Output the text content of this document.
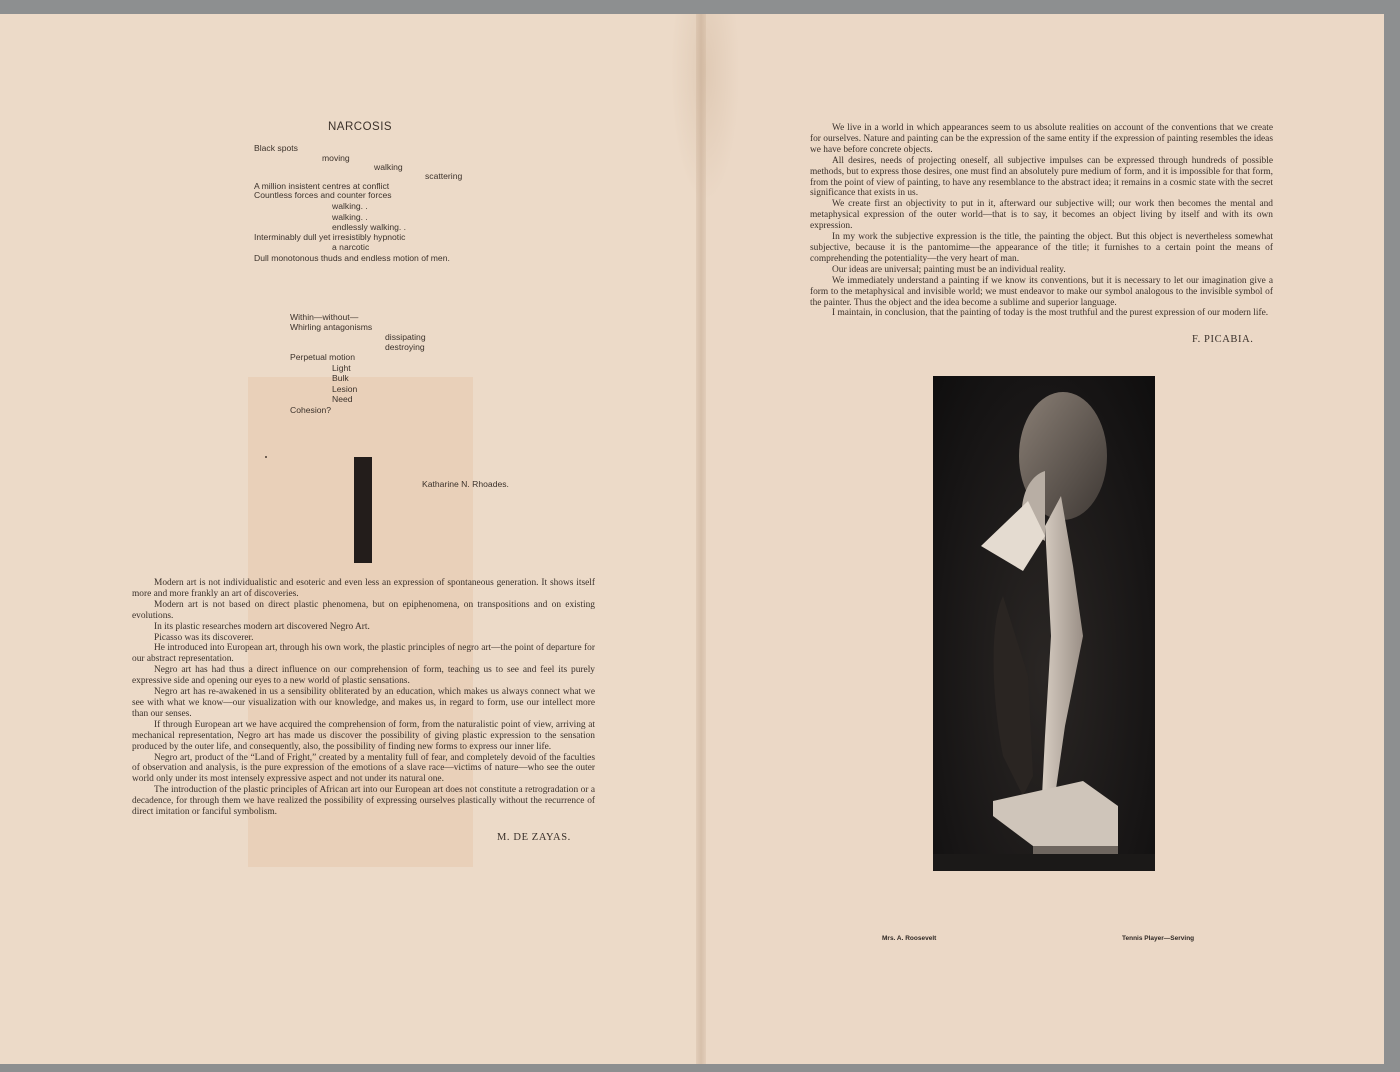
NARCOSIS
Black spots
moving
walking
scattering
A million insistent centres at conflict
Countless forces and counter forces
walking. .
walking. .
endlessly walking. .
Interminably dull yet irresistibly hypnotic
a narcotic
Dull monotonous thuds and endless motion of men.
Within—without—
Whirling antagonisms
dissipating
destroying
Perpetual motion
Light
Bulk
Lesion
Need
Cohesion?
Katharine N. Rhoades.

Modern art is not individualistic and esoteric and even less an expression of spontaneous generation. It shows itself more and more frankly an art of discoveries.

Modern art is not based on direct plastic phenomena, but on epiphenomena, on transpositions and on existing evolutions.

In its plastic researches modern art discovered Negro Art.

Picasso was its discoverer.

He introduced into European art, through his own work, the plastic principles of negro art—the point of departure for our abstract representation.

Negro art has had thus a direct influence on our comprehension of form, teaching us to see and feel its purely expressive side and opening our eyes to a new world of plastic sensations.

Negro art has re-awakened in us a sensibility obliterated by an education, which makes us always connect what we see with what we know—our visualization with our knowledge, and makes us, in regard to form, use our intellect more than our senses.

If through European art we have acquired the comprehension of form, from the naturalistic point of view, arriving at mechanical representation, Negro art has made us discover the possibility of giving plastic expression to the sensation produced by the outer life, and consequently, also, the possibility of finding new forms to express our inner life.

Negro art, product of the “Land of Fright,” created by a mentality full of fear, and completely devoid of the faculties of observation and analysis, is the pure expression of the emotions of a slave race—victims of nature—who see the outer world only under its most intensely expressive aspect and not under its natural one.

The introduction of the plastic principles of African art into our European art does not constitute a retrogradation or a decadence, for through them we have realized the possibility of expressing ourselves plastically without the recurrence of direct imitation or fanciful symbolism.

M. DE ZAYAS.

We live in a world in which appearances seem to us absolute realities on account of the conventions that we create for ourselves. Nature and painting can be the expression of the same entity if the expression of painting resembles the ideas we have before concrete objects.

All desires, needs of projecting oneself, all subjective impulses can be expressed through hundreds of possible methods, but to express those desires, one must find an absolutely pure medium of form, and it is impossible for that form, from the point of view of painting, to have any resemblance to the abstract idea; it remains in a cosmic state with the secret significance that exists in us.

We create first an objectivity to put in it, afterward our subjective will; our work then becomes the mental and metaphysical expression of the outer world—that is to say, it becomes an object living by itself and with its own expression.

In my work the subjective expression is the title, the painting the object. But this object is nevertheless somewhat subjective, because it is the pantomime—the appearance of the title; it furnishes to a certain point the means of comprehending the potentiality—the very heart of man.

Our ideas are universal; painting must be an individual reality.

We immediately understand a painting if we know its conventions, but it is necessary to let our imagination give a form to the metaphysical and invisible world; we must endeavor to make our symbol analogous to the invisible symbol of the painter. Thus the object and the idea become a sublime and superior language.

I maintain, in conclusion, that the painting of today is the most truthful and the purest expression of our modern life.

F. PICABIA.
Mrs. A. Roosevelt	Tennis Player—Serving
